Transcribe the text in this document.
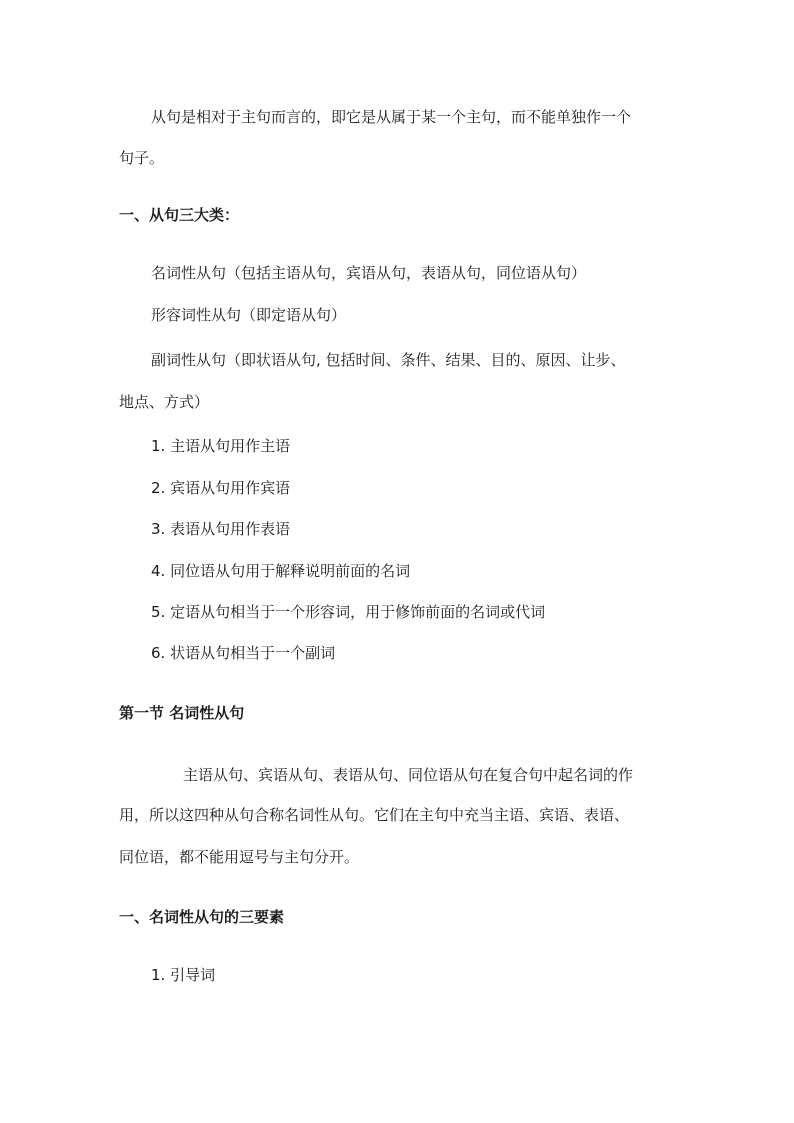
从句是相对于主句而言的，即它是从属于某一个主句，而不能单独作一个
句子。
一、从句三大类：
名词性从句（包括主语从句，宾语从句，表语从句，同位语从句）
形容词性从句（即定语从句）
副词性从句（即状语从句, 包括时间、条件、结果、目的、原因、让步、
地点、方式）
1. 主语从句用作主语
2. 宾语从句用作宾语
3. 表语从句用作表语
4. 同位语从句用于解释说明前面的名词
5. 定语从句相当于一个形容词，用于修饰前面的名词或代词
6. 状语从句相当于一个副词
第一节 名词性从句
主语从句、宾语从句、表语从句、同位语从句在复合句中起名词的作
用，所以这四种从句合称名词性从句。它们在主句中充当主语、宾语、表语、
同位语，都不能用逗号与主句分开。
一、名词性从句的三要素
1. 引导词
